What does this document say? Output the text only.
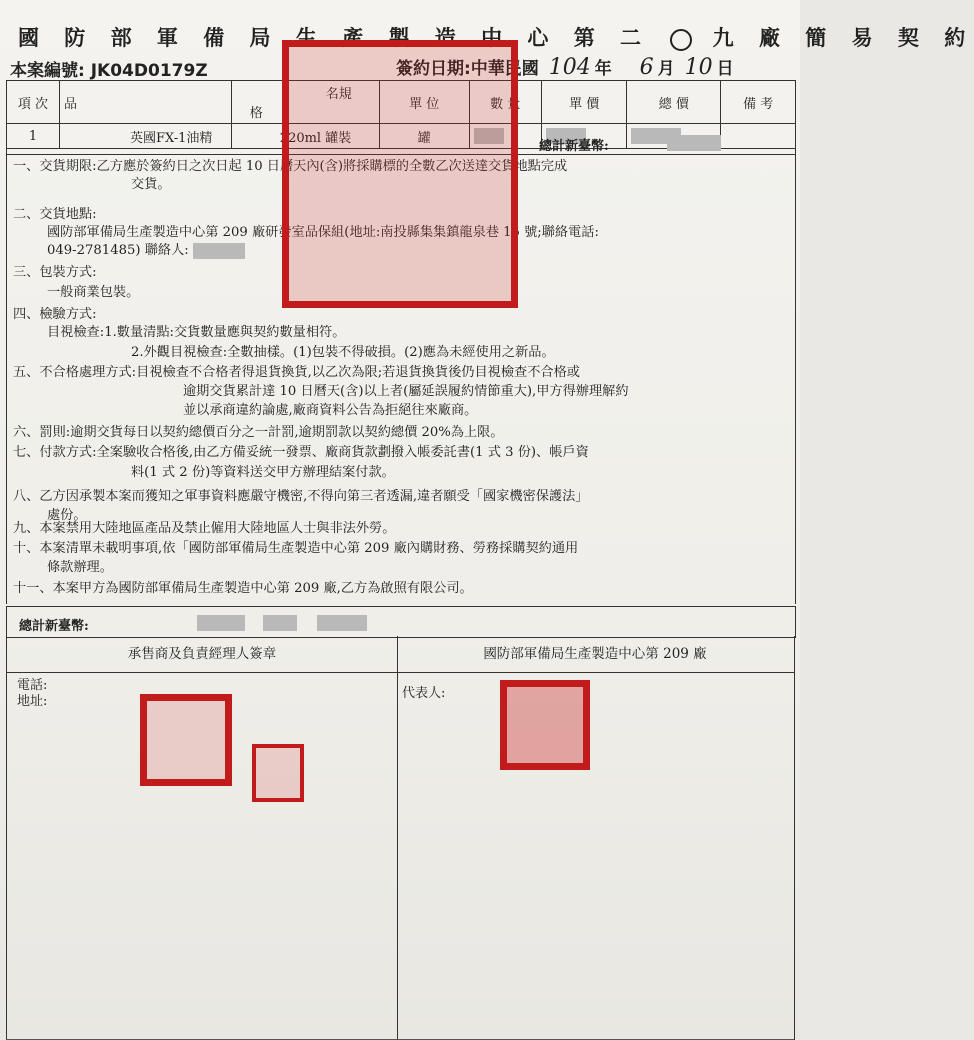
國 防 部 軍 備 局 生 產 製 造 中 心 第 二	九 廠 簡 易 契 約
本案編號: JK04D0179Z	簽約日期:中華民國 104 年 6 月 10 日
項 次	品	名規 格	單 位	數 量	單 價	總 價	備 考
1	英國FX-1油精	220ml 罐裝	罐				
總計新臺幣:
一、交貨期限:乙方應於簽約日之次日起 10 日曆天內(含)將採購標的全數乙次送達交貨地點完成
交貨。
二、交貨地點:
國防部軍備局生產製造中心第 209 廠研發室品保組(地址:南投縣集集鎮龍泉巷 15 號;聯絡電話:
049-2781485) 聯絡人:
三、包裝方式:
一般商業包裝。
四、檢驗方式:
目視檢查:1.數量清點:交貨數量應與契約數量相符。
2.外觀目視檢查:全數抽樣。(1)包裝不得破損。(2)應為未經使用之新品。
五、不合格處理方式:目視檢查不合格者得退貨換貨,以乙次為限;若退貨換貨後仍目視檢查不合格或
逾期交貨累計達 10 日曆天(含)以上者(屬延誤履約情節重大),甲方得辦理解約
並以承商違約論處,廠商資料公告為拒絕往來廠商。
六、罰則:逾期交貨每日以契約總價百分之一計罰,逾期罰款以契約總價 20%為上限。
七、付款方式:全案驗收合格後,由乙方備妥統一發票、廠商貨款劃撥入帳委託書(1 式 3 份)、帳戶資
料(1 式 2 份)等資料送交甲方辦理結案付款。
八、乙方因承製本案而獲知之軍事資料應嚴守機密,不得向第三者透漏,違者願受「國家機密保護法」
處份。
九、本案禁用大陸地區產品及禁止僱用大陸地區人士與非法外勞。
十、本案清單未載明事項,依「國防部軍備局生產製造中心第 209 廠內購財務、勞務採購契約通用
條款辦理。
十一、本案甲方為國防部軍備局生產製造中心第 209 廠,乙方為啟照有限公司。
總計新臺幣:
承售商及負責經理人簽章	國防部軍備局生產製造中心第 209 廠
電話:
地址:
代表人:
